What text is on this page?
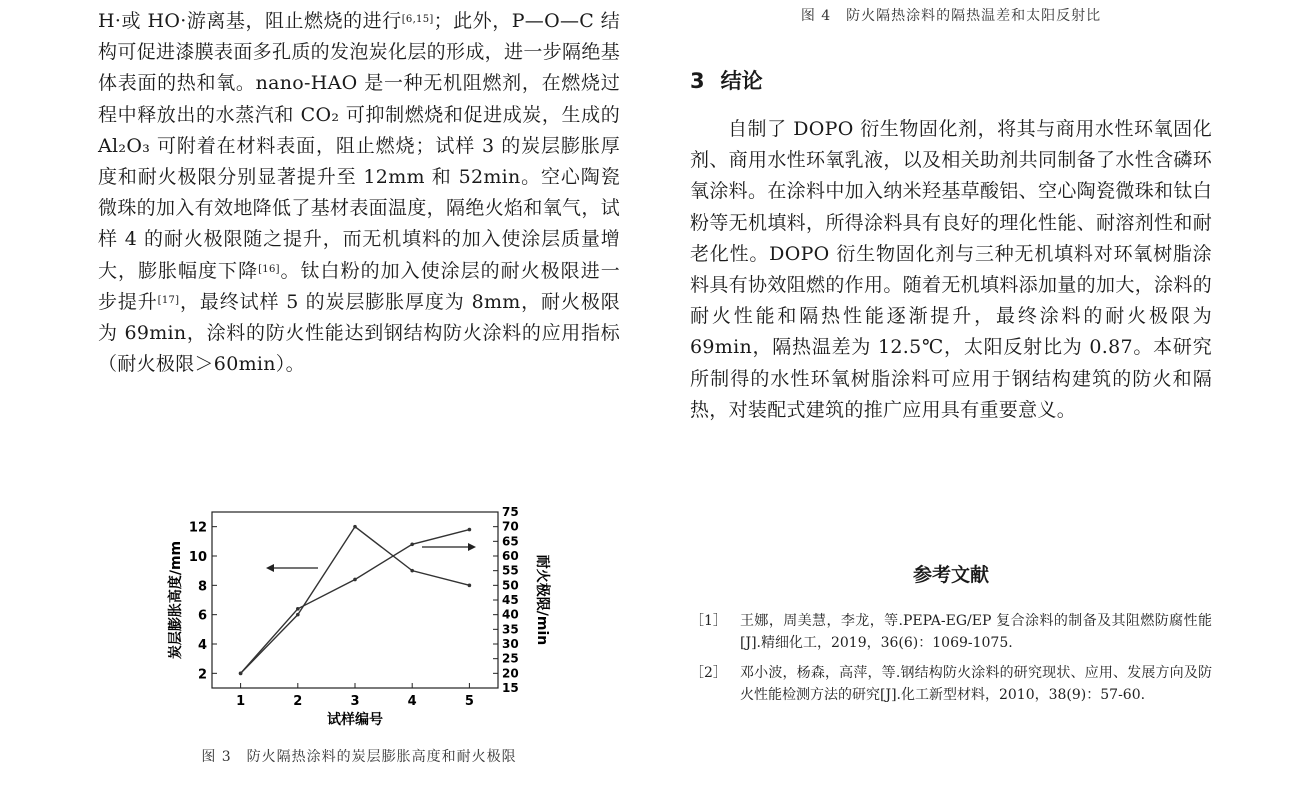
H·或 HO·游离基，阻止燃烧的进行[6,15]；此外，P—O—C 结构可促进漆膜表面多孔质的发泡炭化层的形成，进一步隔绝基体表面的热和氧。nano-HAO 是一种无机阻燃剂，在燃烧过程中释放出的水蒸汽和 CO₂ 可抑制燃烧和促进成炭，生成的 Al₂O₃ 可附着在材料表面，阻止燃烧；试样 3 的炭层膨胀厚度和耐火极限分别显著提升至 12mm 和 52min。空心陶瓷微珠的加入有效地降低了基材表面温度，隔绝火焰和氧气，试样 4 的耐火极限随之提升，而无机填料的加入使涂层质量增大，膨胀幅度下降[16]。钛白粉的加入使涂层的耐火极限进一步提升[17]，最终试样 5 的炭层膨胀厚度为 8mm，耐火极限为 69min，涂料的防火性能达到钢结构防火涂料的应用指标（耐火极限＞60min）。

2
4
6
8
10
12
15
20
25
30
35
40
45
50
55
60
65
70
75
1	2	3	4	5
试样编号
炭层膨胀高度/mm	耐火极限/min
图 3　防火隔热涂料的炭层膨胀高度和耐火极限
图 4　防火隔热涂料的隔热温差和太阳反射比
3 结论

自制了 DOPO 衍生物固化剂，将其与商用水性环氧固化剂、商用水性环氧乳液，以及相关助剂共同制备了水性含磷环氧涂料。在涂料中加入纳米羟基草酸铝、空心陶瓷微珠和钛白粉等无机填料，所得涂料具有良好的理化性能、耐溶剂性和耐老化性。DOPO 衍生物固化剂与三种无机填料对环氧树脂涂料具有协效阻燃的作用。随着无机填料添加量的加大，涂料的耐火性能和隔热性能逐渐提升，最终涂料的耐火极限为 69min，隔热温差为 12.5℃，太阳反射比为 0.87。本研究所制得的水性环氧树脂涂料可应用于钢结构建筑的防火和隔热，对装配式建筑的推广应用具有重要意义。

参考文献
［1］ 王娜，周美慧，李龙，等.PEPA-EG/EP 复合涂料的制备及其阻燃防腐性能[J].精细化工，2019，36(6)：1069-1075.
［2］ 邓小波，杨森，高萍，等.钢结构防火涂料的研究现状、应用、发展方向及防火性能检测方法的研究[J].化工新型材料，2010，38(9)：57-60.
